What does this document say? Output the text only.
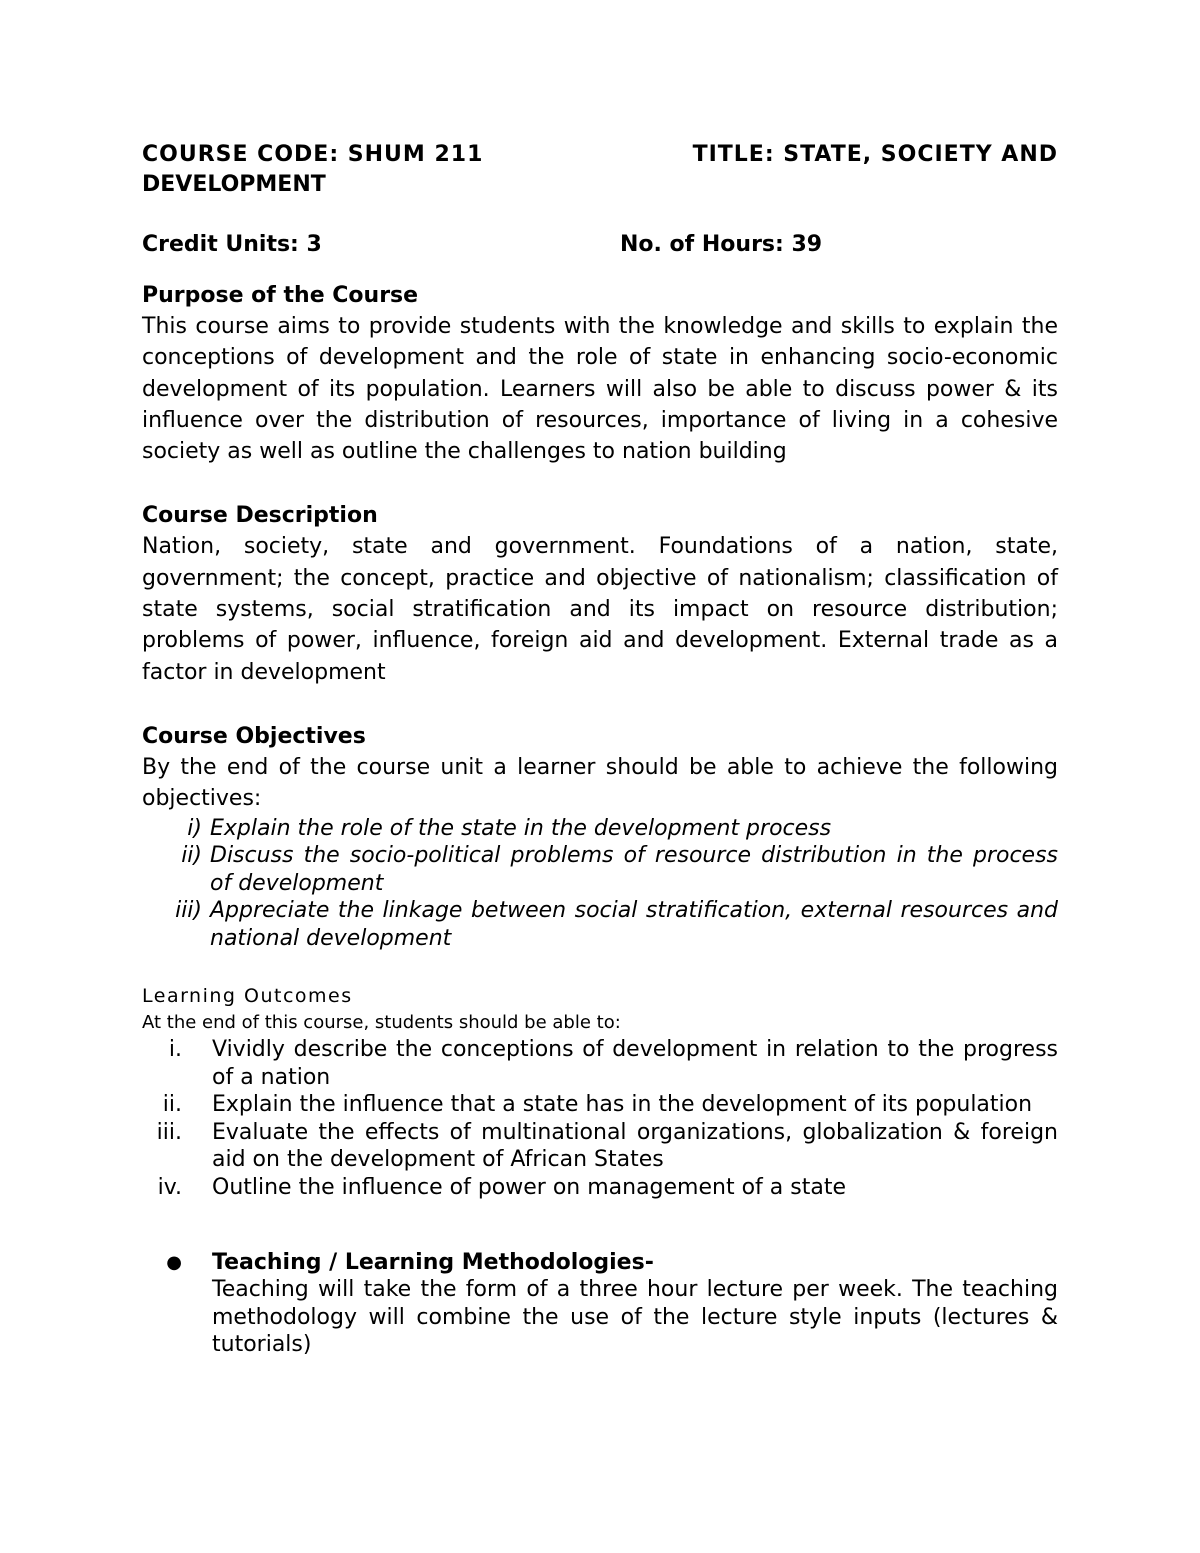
COURSE CODE: SHUM 211	TITLE: STATE, SOCIETY AND
DEVELOPMENT
Credit Units: 3	No. of Hours: 39
Purpose of the Course

This course aims to provide students with the knowledge and skills to explain the conceptions of development and the role of state in enhancing socio-economic development of its population. Learners will also be able to discuss power & its influence over the distribution of resources, importance of living in a cohesive society as well as outline the challenges to nation building

Course Description

Nation, society, state and government. Foundations of a nation, state, government; the concept, practice and objective of nationalism; classification of state systems, social stratification and its impact on resource distribution; problems of power, influence, foreign aid and development. External trade as a factor in development

Course Objectives

By the end of the course unit a learner should be able to achieve the following objectives:

i) Explain the role of the state in the development process
ii) Discuss the socio-political problems of resource distribution in the process of development
iii) Appreciate the linkage between social stratification, external resources and national development
Learning Outcomes
At the end of this course, students should be able to:
i.	Vividly describe the conceptions of development in relation to the progress of a nation
ii.	Explain the influence that a state has in the development of its population
iii.	Evaluate the effects of multinational organizations, globalization & foreign aid on the development of African States
iv.	Outline the influence of power on management of a state
●	Teaching / Learning Methodologies-

Teaching will take the form of a three hour lecture per week. The teaching methodology will combine the use of the lecture style inputs (lectures & tutorials)
